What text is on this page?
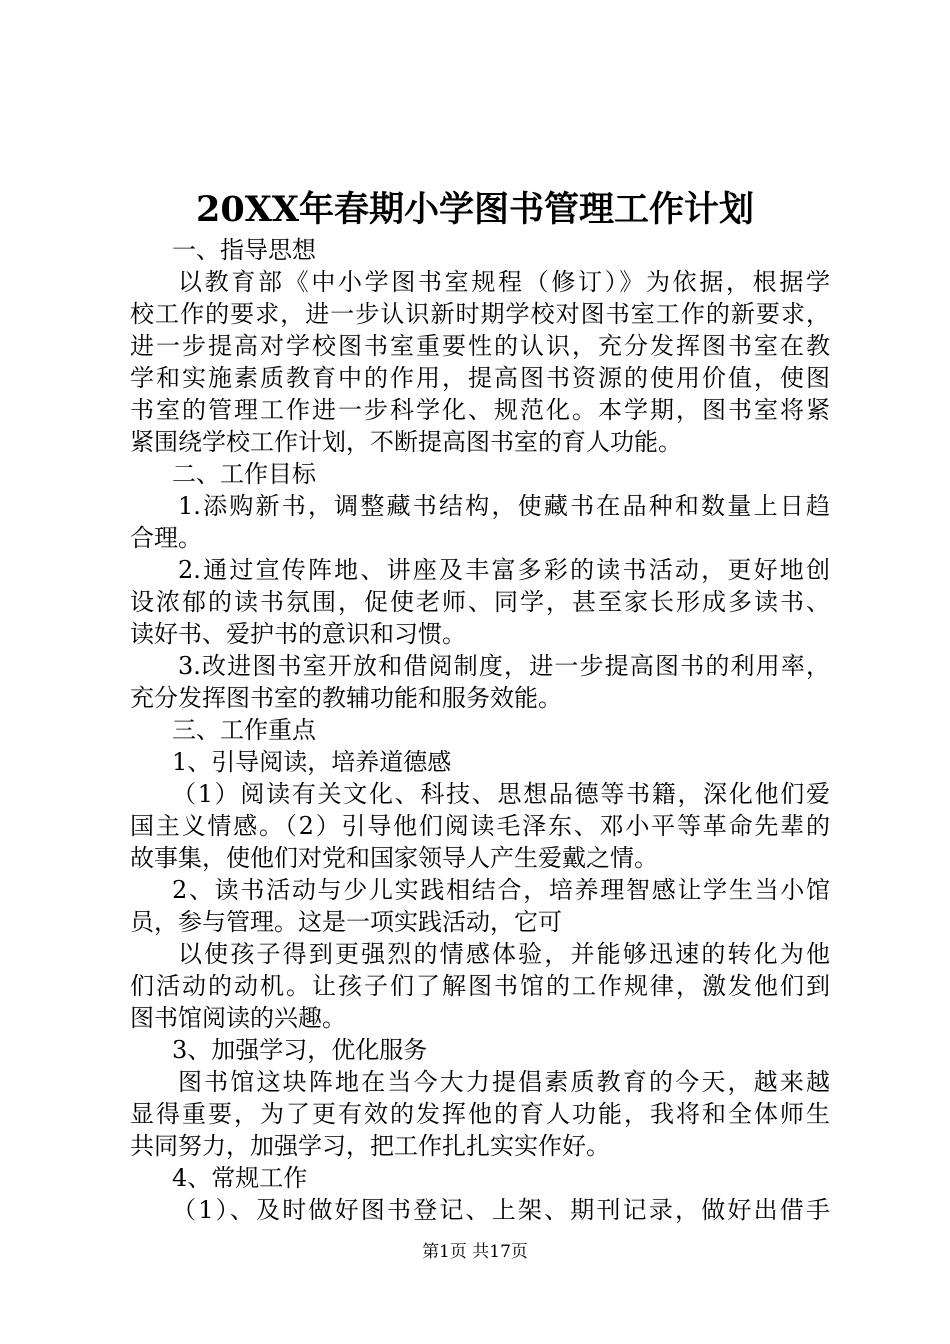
20XX年春期小学图书管理工作计划
一、指导思想
以教育部《中小学图书室规程（修订）》为依据，根据学
校工作的要求，进一步认识新时期学校对图书室工作的新要求，
进一步提高对学校图书室重要性的认识，充分发挥图书室在教
学和实施素质教育中的作用，提高图书资源的使用价值，使图
书室的管理工作进一步科学化、规范化。本学期，图书室将紧
紧围绕学校工作计划，不断提高图书室的育人功能。
二、工作目标
1.添购新书，调整藏书结构，使藏书在品种和数量上日趋
合理。
2.通过宣传阵地、讲座及丰富多彩的读书活动，更好地创
设浓郁的读书氛围，促使老师、同学，甚至家长形成多读书、
读好书、爱护书的意识和习惯。
3.改进图书室开放和借阅制度，进一步提高图书的利用率，
充分发挥图书室的教辅功能和服务效能。
三、工作重点
1、引导阅读，培养道德感
（1）阅读有关文化、科技、思想品德等书籍，深化他们爱
国主义情感。（2）引导他们阅读毛泽东、邓小平等革命先辈的
故事集，使他们对党和国家领导人产生爱戴之情。
2、读书活动与少儿实践相结合，培养理智感让学生当小馆
员，参与管理。这是一项实践活动，它可
以使孩子得到更强烈的情感体验，并能够迅速的转化为他
们活动的动机。让孩子们了解图书馆的工作规律，激发他们到
图书馆阅读的兴趣。
3、加强学习，优化服务
图书馆这块阵地在当今大力提倡素质教育的今天，越来越
显得重要，为了更有效的发挥他的育人功能，我将和全体师生
共同努力，加强学习，把工作扎扎实实作好。
4、常规工作
（1）、及时做好图书登记、上架、期刊记录，做好出借手
第1页 共17页
